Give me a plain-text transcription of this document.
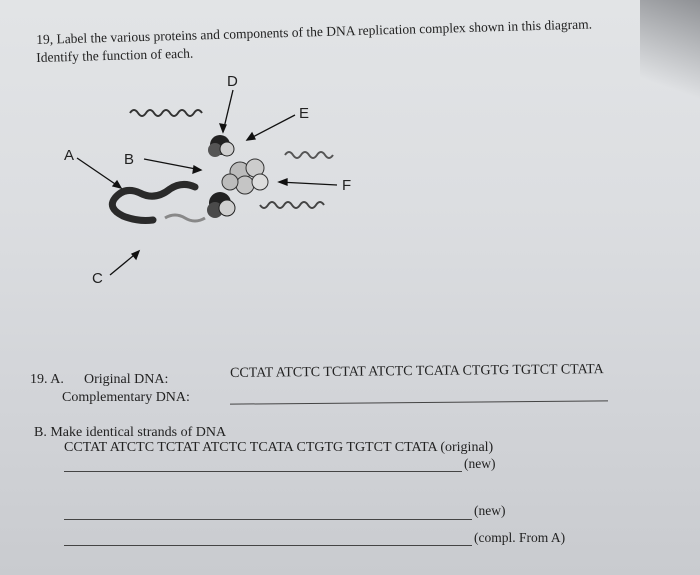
19, Label the various proteins and components of the DNA replication complex shown in this diagram.
Identify the function of each.
D
E
A	B
F
C
19. A. Original DNA:
Complementary DNA:
CCTAT ATCTC TCTAT ATCTC TCATA CTGTG TGTCT CTATA
B. Make identical strands of DNA
CCTAT ATCTC TCTAT ATCTC TCATA CTGTG TGTCT CTATA (original)
(new)
(new)
(compl. From A)
